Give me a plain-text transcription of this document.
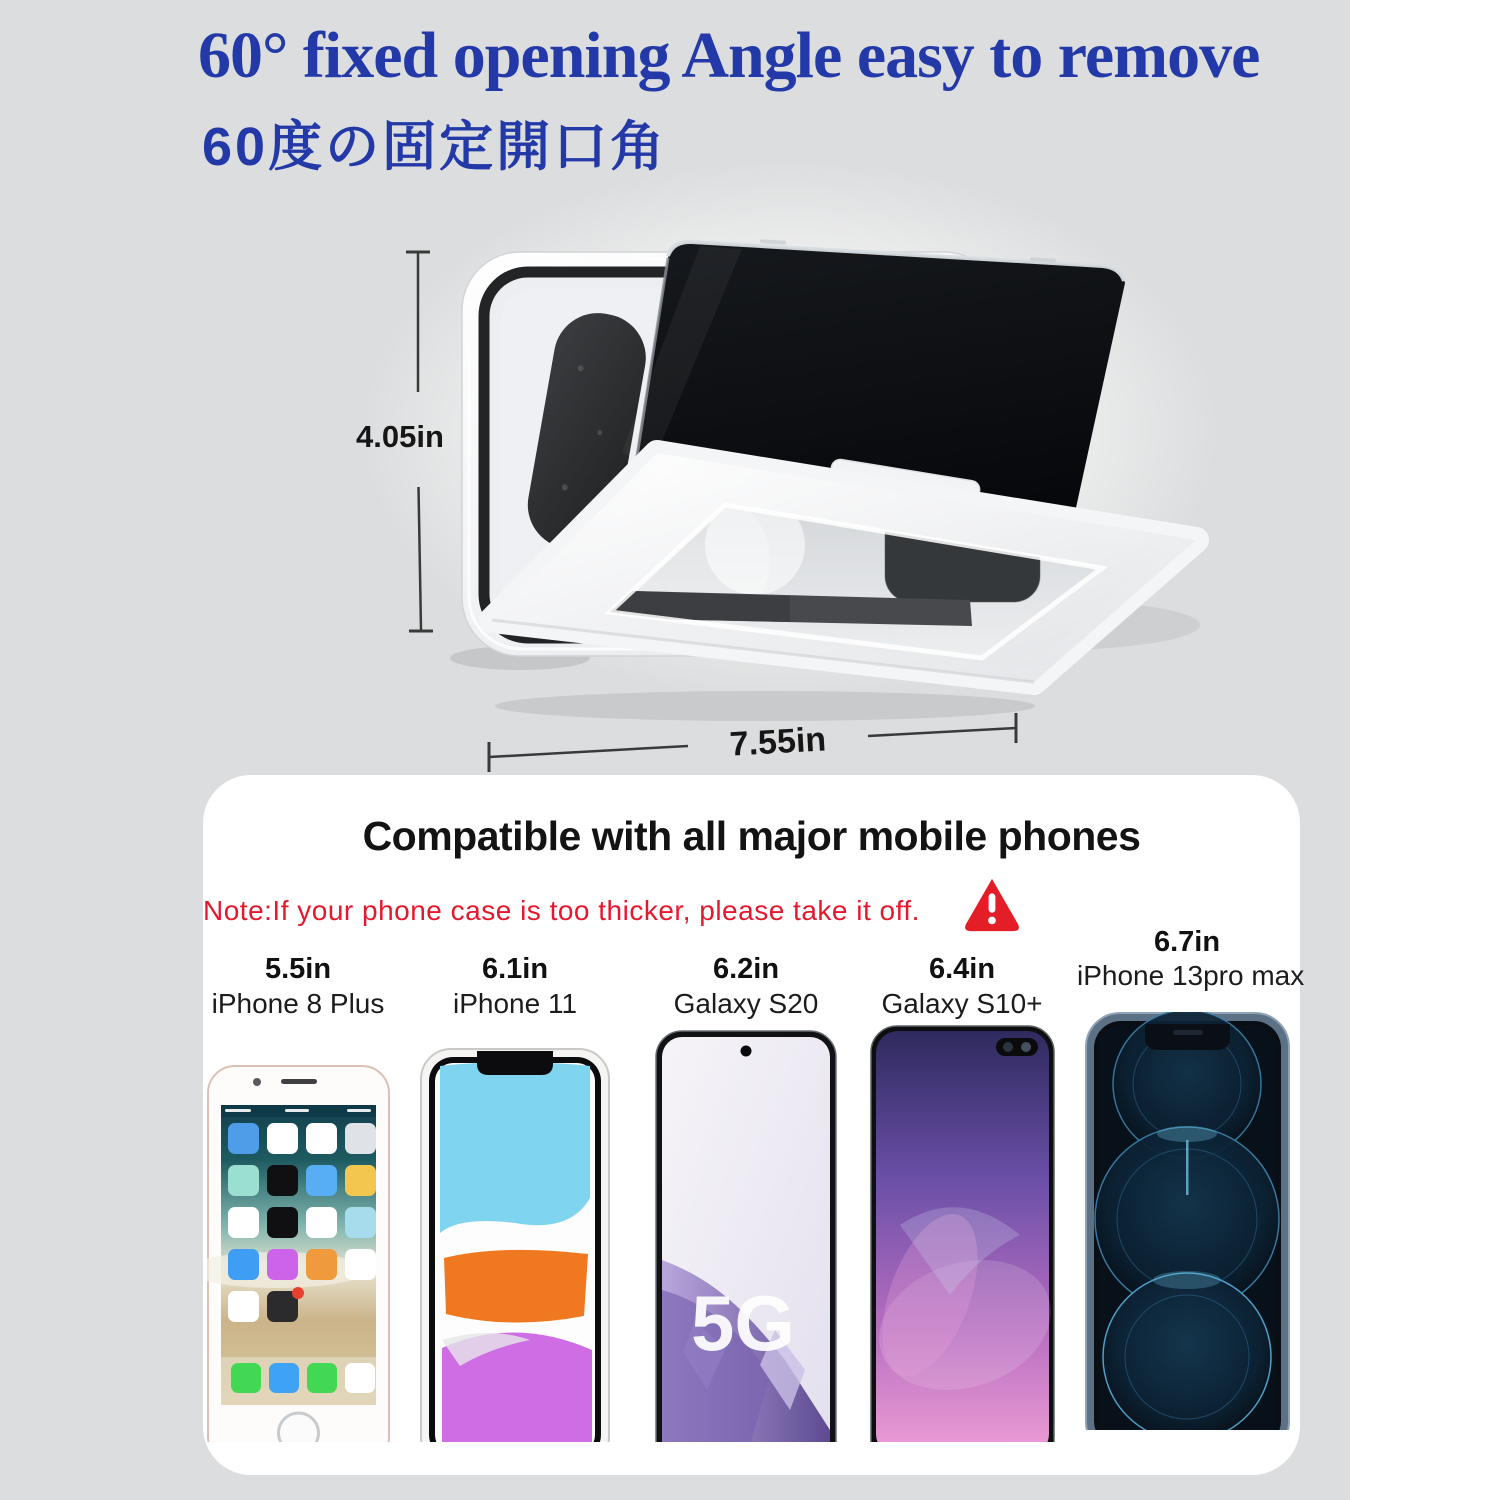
60° fixed opening Angle easy to remove
60度の固定開口角
4.05in
7.55in
Compatible with all major mobile phones
Note:If your phone case is too thicker, please take it off.
5.5in
iPhone 8 Plus
6.1in
iPhone 11
6.2in
Galaxy S20
6.4in
Galaxy S10+
6.7in
iPhone 13pro max
5G
